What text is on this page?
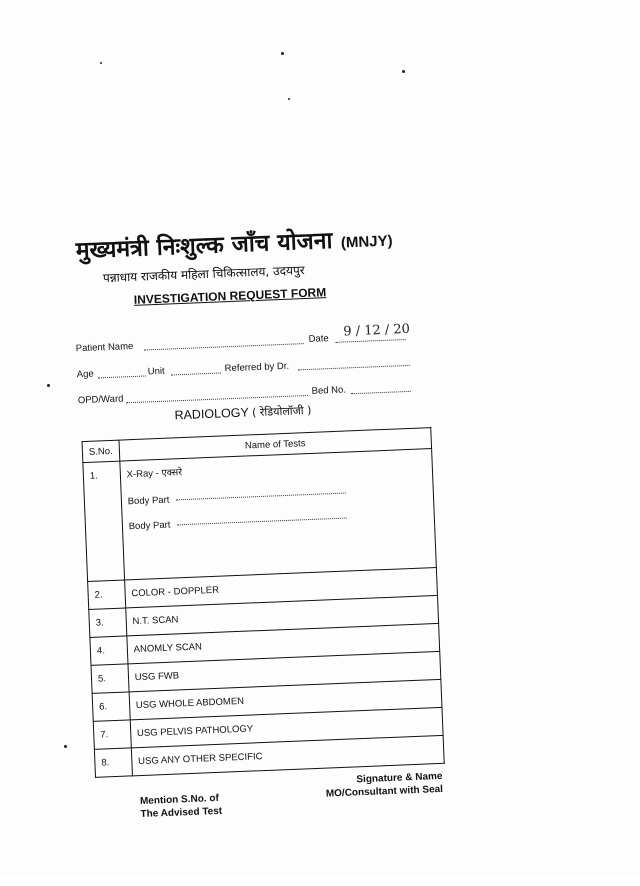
मुख्यमंत्री निःशुल्क जाँच योजना (MNJY)
पन्नाधाय राजकीय महिला चिकित्सालय, उदयपुर
INVESTIGATION REQUEST FORM
Patient Name
Date 9 / 12 / 20
Age	Unit	Referred by Dr.
OPD/Ward
Bed No.
RADIOLOGY ( रेडियोलॉजी )
S.No.	Name of Tests
1.	X-Ray - एक्सरे
Body Part
Body Part

2.	COLOR - DOPPLER
3.	N.T. SCAN
4.	ANOMLY SCAN
5.	USG FWB
6.	USG WHOLE ABDOMEN
7.	USG PELVIS PATHOLOGY
8.	USG ANY OTHER SPECIFIC
Mention S.No. of
The Advised Test
Signature & Name
MO/Consultant with Seal
